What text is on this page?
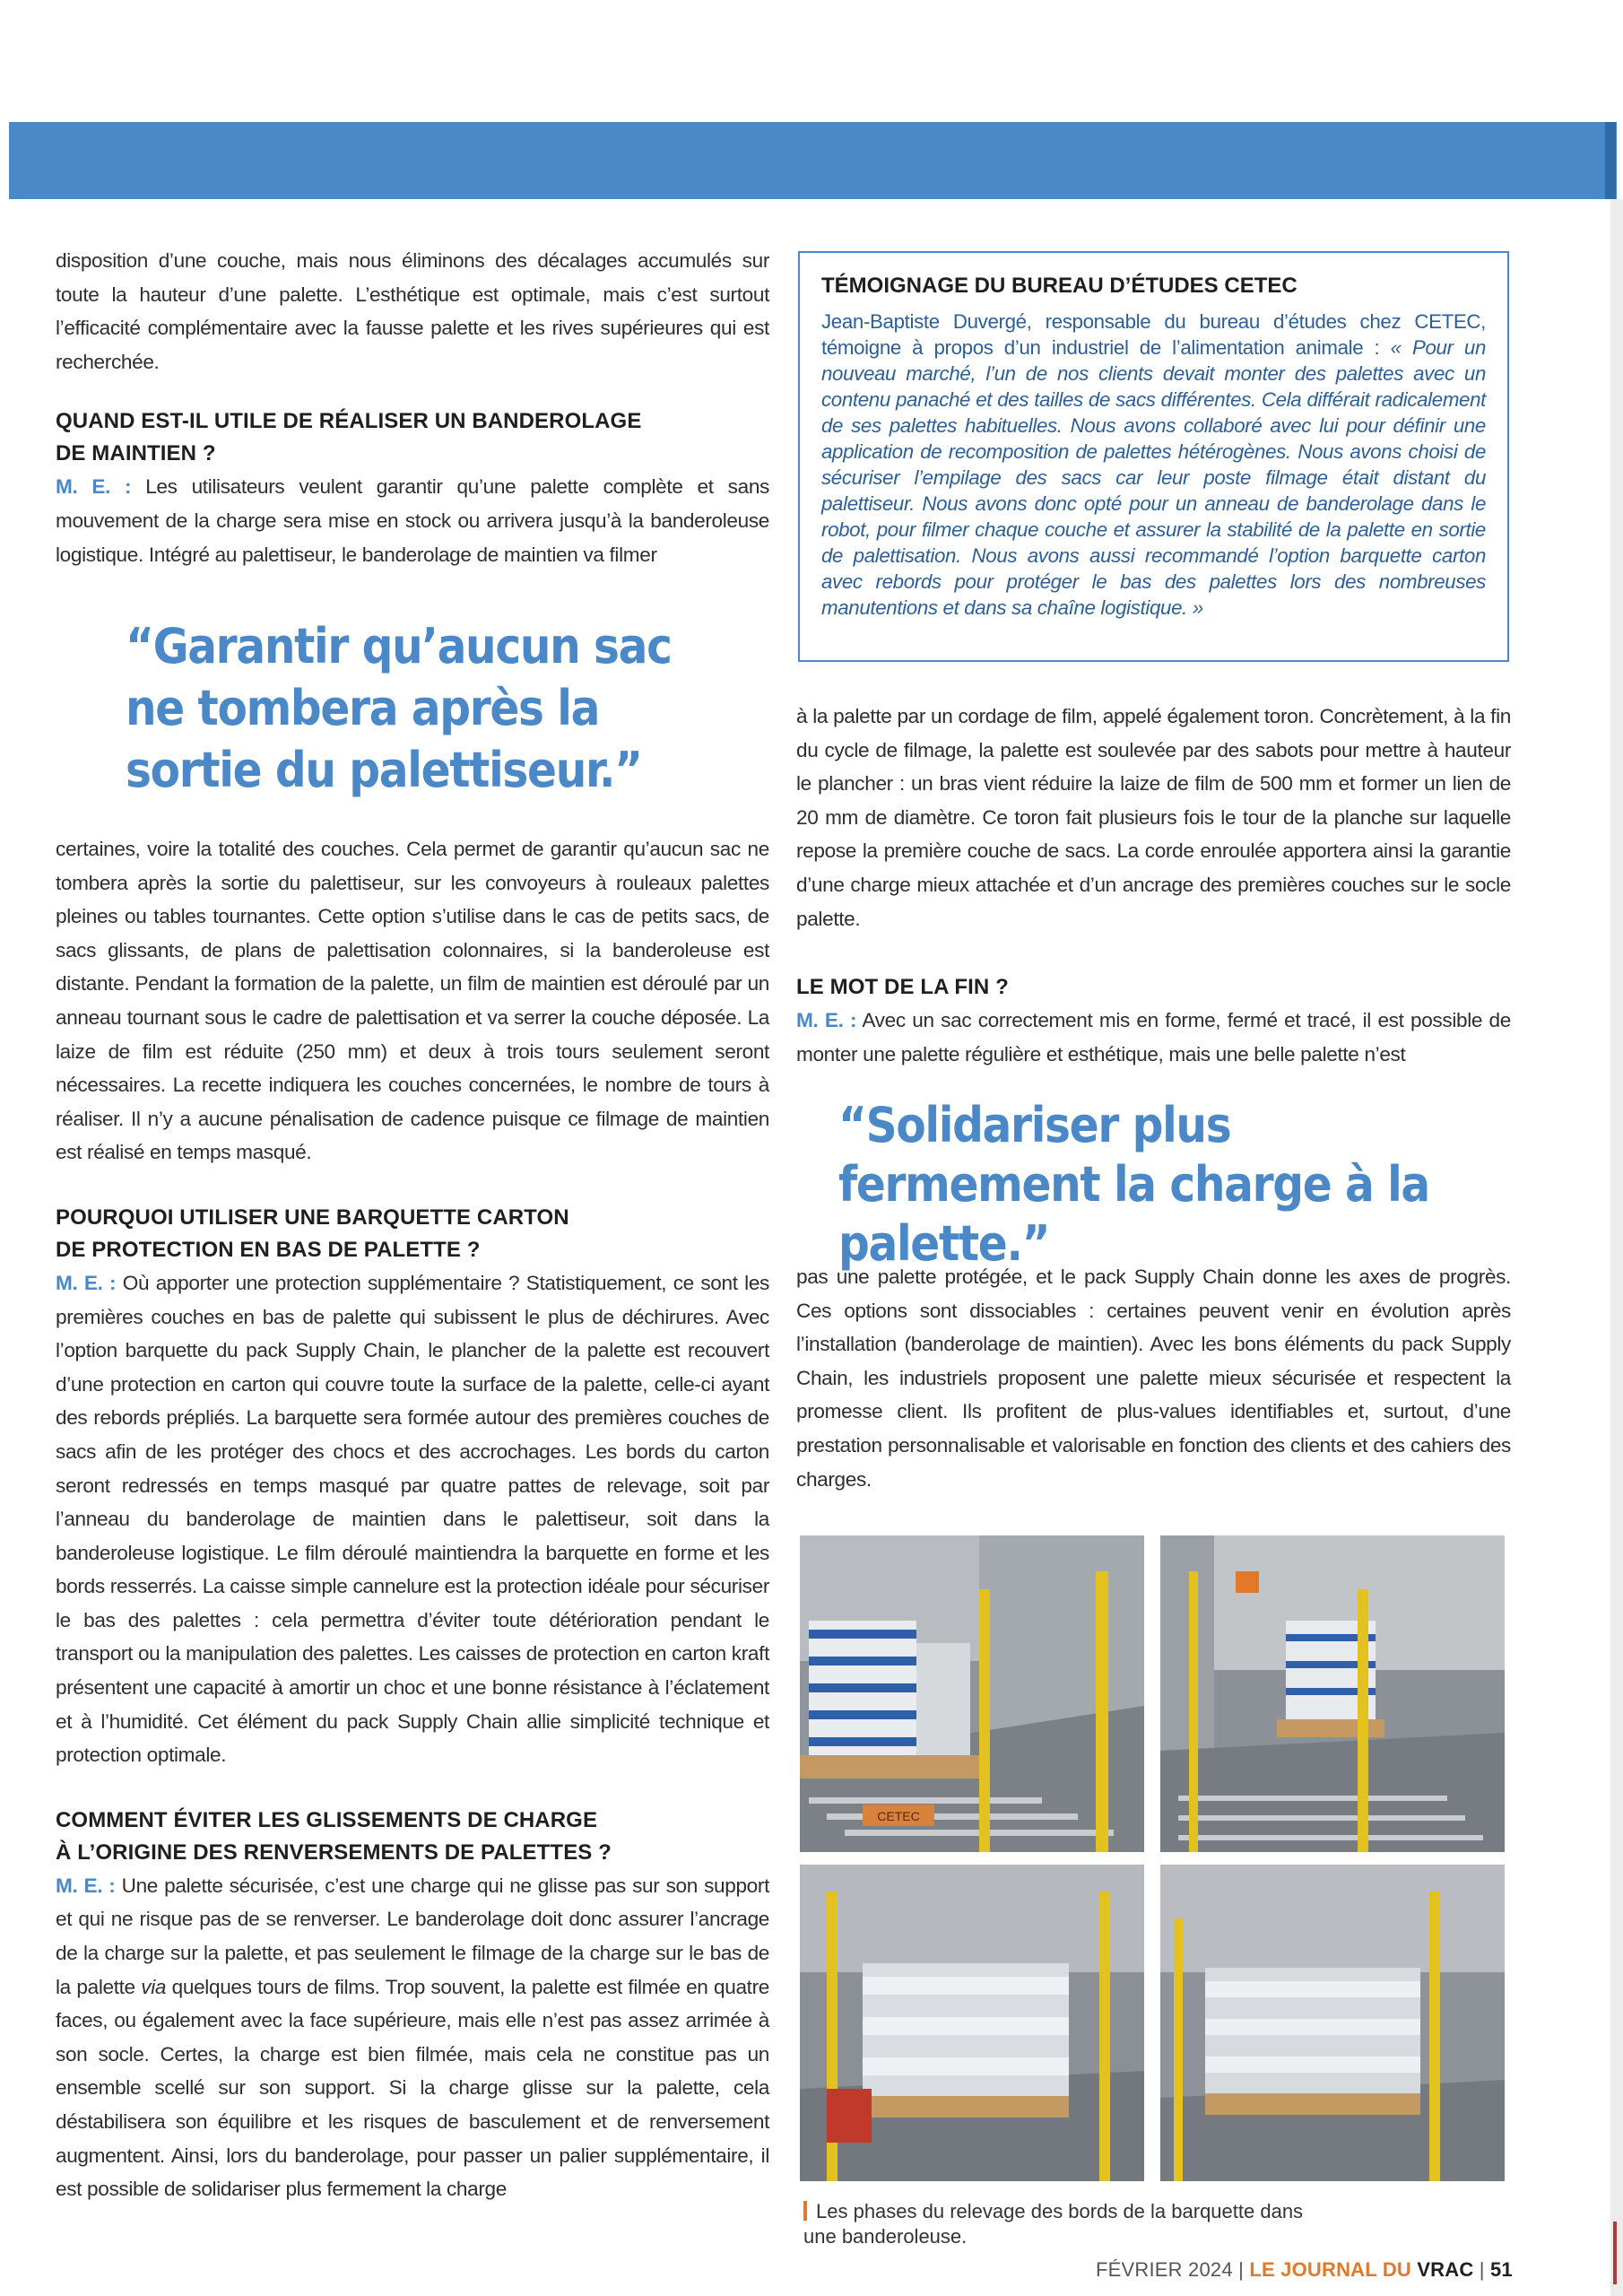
disposition d’une couche, mais nous éliminons des décalages accumulés sur toute la hauteur d’une palette. L’esthétique est optimale, mais c’est surtout l’efficacité complémentaire avec la fausse palette et les rives supérieures qui est recherchée.

QUAND EST-IL UTILE DE RÉALISER UN BANDEROLAGE
DE MAINTIEN ?

M. E. : Les utilisateurs veulent garantir qu’une palette complète et sans mouvement de la charge sera mise en stock ou arrivera jusqu’à la banderoleuse logistique. Intégré au palettiseur, le banderolage de maintien va filmer

“Garantir qu’aucun sac ne tombera après la sortie du palettiseur.”

certaines, voire la totalité des couches. Cela permet de garantir qu’aucun sac ne tombera après la sortie du palettiseur, sur les convoyeurs à rouleaux palettes pleines ou tables tournantes. Cette option s’utilise dans le cas de petits sacs, de sacs glissants, de plans de palettisation colonnaires, si la banderoleuse est distante. Pendant la formation de la palette, un film de maintien est déroulé par un anneau tournant sous le cadre de palettisation et va serrer la couche déposée. La laize de film est réduite (250 mm) et deux à trois tours seulement seront nécessaires. La recette indiquera les couches concernées, le nombre de tours à réaliser. Il n’y a aucune pénalisation de cadence puisque ce filmage de maintien est réalisé en temps masqué.

POURQUOI UTILISER UNE BARQUETTE CARTON
DE PROTECTION EN BAS DE PALETTE ?

M. E. : Où apporter une protection supplémentaire ? Statistiquement, ce sont les premières couches en bas de palette qui subissent le plus de déchirures. Avec l’option barquette du pack Supply Chain, le plancher de la palette est recouvert d’une protection en carton qui couvre toute la surface de la palette, celle-ci ayant des rebords prépliés. La barquette sera formée autour des premières couches de sacs afin de les protéger des chocs et des accrochages. Les bords du carton seront redressés en temps masqué par quatre pattes de relevage, soit par l’anneau du banderolage de maintien dans le palettiseur, soit dans la banderoleuse logistique. Le film déroulé maintiendra la barquette en forme et les bords resserrés. La caisse simple cannelure est la protection idéale pour sécuriser le bas des palettes : cela permettra d’éviter toute détérioration pendant le transport ou la manipulation des palettes. Les caisses de protection en carton kraft présentent une capacité à amortir un choc et une bonne résistance à l’éclatement et à l’humidité. Cet élément du pack Supply Chain allie simplicité technique et protection optimale.

COMMENT ÉVITER LES GLISSEMENTS DE CHARGE
À L’ORIGINE DES RENVERSEMENTS DE PALETTES ?

M. E. : Une palette sécurisée, c’est une charge qui ne glisse pas sur son support et qui ne risque pas de se renverser. Le banderolage doit donc assurer l’ancrage de la charge sur la palette, et pas seulement le filmage de la charge sur le bas de la palette via quelques tours de films. Trop souvent, la palette est filmée en quatre faces, ou également avec la face supérieure, mais elle n’est pas assez arrimée à son socle. Certes, la charge est bien filmée, mais cela ne constitue pas un ensemble scellé sur son support. Si la charge glisse sur la palette, cela déstabilisera son équilibre et les risques de basculement et de renversement augmentent. Ainsi, lors du banderolage, pour passer un palier supplémentaire, il est possible de solidariser plus fermement la charge

TÉMOIGNAGE DU BUREAU D’ÉTUDES CETEC

Jean-Baptiste Duvergé, responsable du bureau d’études chez CETEC, témoigne à propos d’un industriel de l’alimentation animale : « Pour un nouveau marché, l’un de nos clients devait monter des palettes avec un contenu panaché et des tailles de sacs différentes. Cela différait radicalement de ses palettes habituelles. Nous avons collaboré avec lui pour définir une application de recomposition de palettes hétérogènes. Nous avons choisi de sécuriser l’empilage des sacs car leur poste filmage était distant du palettiseur. Nous avons donc opté pour un anneau de banderolage dans le robot, pour filmer chaque couche et assurer la stabilité de la palette en sortie de palettisation. Nous avons aussi recommandé l’option barquette carton avec rebords pour protéger le bas des palettes lors des nombreuses manutentions et dans sa chaîne logistique. »

à la palette par un cordage de film, appelé également toron. Concrètement, à la fin du cycle de filmage, la palette est soulevée par des sabots pour mettre à hauteur le plancher : un bras vient réduire la laize de film de 500 mm et former un lien de 20 mm de diamètre. Ce toron fait plusieurs fois le tour de la planche sur laquelle repose la première couche de sacs. La corde enroulée apportera ainsi la garantie d’une charge mieux attachée et d’un ancrage des premières couches sur le socle palette.

LE MOT DE LA FIN ?

M. E. : Avec un sac correctement mis en forme, fermé et tracé, il est possible de monter une palette régulière et esthétique, mais une belle palette n’est

“Solidariser plus fermement la charge à la palette.”

pas une palette protégée, et le pack Supply Chain donne les axes de progrès. Ces options sont dissociables : certaines peuvent venir en évolution après l’installation (banderolage de maintien). Avec les bons éléments du pack Supply Chain, les industriels proposent une palette mieux sécurisée et respectent la promesse client. Ils profitent de plus-values identifiables et, surtout, d’une prestation personnalisable et valorisable en fonction des clients et des cahiers des charges.

CETEC
Les phases du relevage des bords de la barquette dans une banderoleuse.
FÉVRIER 2024 | LE JOURNAL DU VRAC | 51
